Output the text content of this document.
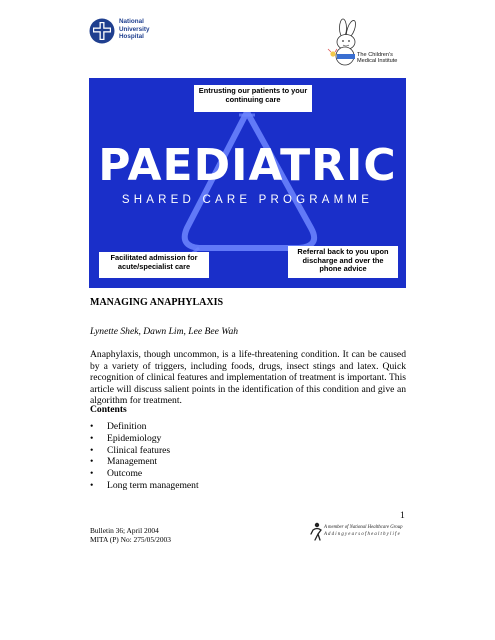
National
University
Hospital
The Children's
Medical Institute
Entrusting our patients to your continuing care
PAEDIATRIC
SHARED CARE PROGRAMME
Facilitated admission for acute/specialist care
Referral back to you upon discharge and over the phone advice
MANAGING ANAPHYLAXIS
Lynette Shek, Dawn Lim, Lee Bee Wah
Anaphylaxis, though uncommon, is a life-threatening condition. It can be caused by a variety of triggers, including foods, drugs, insect stings and latex. Quick recognition of clinical features and implementation of treatment is important. This article will discuss salient points in the identification of this condition and give an algorithm for treatment.
Contents
• Definition
• Epidemiology
• Clinical features
• Management
• Outcome
• Long term management
1
Bulletin 36; April 2004
MITA (P) No: 275/05/2003
A member of National Healthcare Group
A d d i n g y e a r s o f h e a l t h y l i f e
